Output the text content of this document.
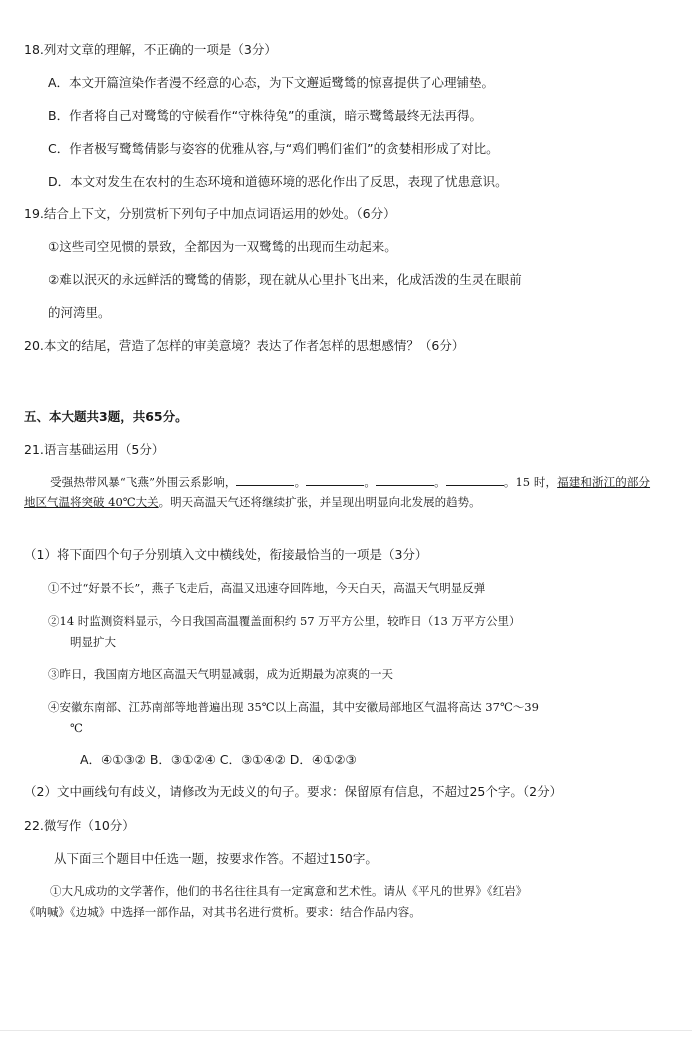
18.列对文章的理解，不正确的一项是（3分）
A．本文开篇渲染作者漫不经意的心态，为下文邂逅鹭鸶的惊喜提供了心理铺垫。
B．作者将自己对鹭鸶的守候看作“守株待兔”的重演，暗示鹭鸶最终无法再得。
C．作者极写鹭鸶倩影与姿容的优雅从容,与“鸡们鸭们雀们”的贪婪相形成了对比。
D．本文对发生在农村的生态环境和道德环境的恶化作出了反思，表现了忧患意识。
19.结合上下文，分别赏析下列句子中加点词语运用的妙处。（6分）
①这些司空见惯的景致，全都因为一双鹭鸶的出现而生动起来。
②难以泯灭的永远鲜活的鹭鸶的倩影，现在就从心里扑飞出来，化成活泼的生灵在眼前
的河湾里。
20.本文的结尾，营造了怎样的审美意境？表达了作者怎样的思想感情？（6分）
五、本大题共3题，共65分。
21.语言基础运用（5分）
受强热带风暴“飞燕”外围云系影响，	。	。	。	。15 时，福建和浙江的部分地区气温将突破 40℃大关。明天高温天气还将继续扩张，并呈现出明显向北发展的趋势。
（1）将下面四个句子分别填入文中横线处，衔接最恰当的一项是（3分）
①不过“好景不长”，燕子飞走后，高温又迅速夺回阵地，今天白天，高温天气明显反弹
②14 时监测资料显示，今日我国高温覆盖面积约 57 万平方公里，较昨日（13 万平方公里）
明显扩大
③昨日，我国南方地区高温天气明显减弱，成为近期最为凉爽的一天
④安徽东南部、江苏南部等地普遍出现 35℃以上高温，其中安徽局部地区气温将高达 37℃～39
℃
A．④①③② B．③①②④ C．③①④② D．④①②③
（2）文中画线句有歧义，请修改为无歧义的句子。要求：保留原有信息，不超过25个字。（2分）
22.微写作（10分）
从下面三个题目中任选一题，按要求作答。不超过150字。
①大凡成功的文学著作，他们的书名往往具有一定寓意和艺术性。请从《平凡的世界》《红岩》
《呐喊》《边城》中选择一部作品，对其书名进行赏析。要求：结合作品内容。
